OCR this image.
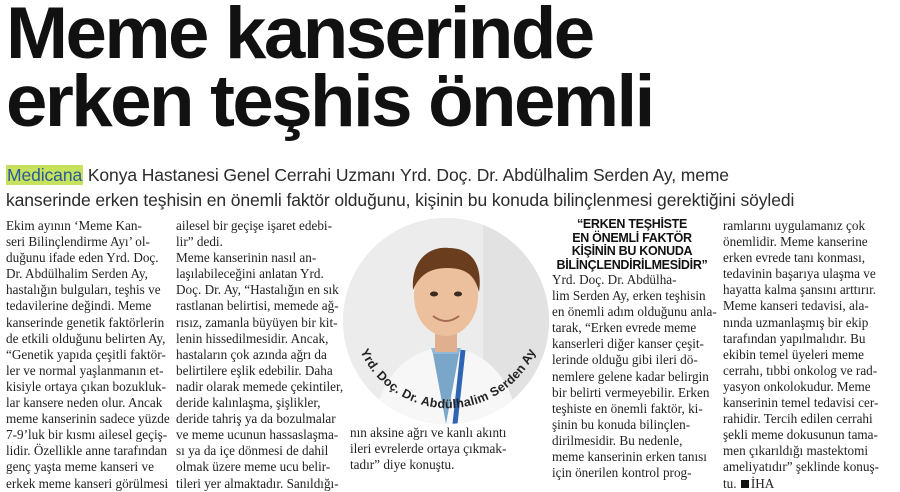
Meme kanserinde
erken teşhis önemli
Medicana Konya Hastanesi Genel Cerrahi Uzmanı Yrd. Doç. Dr. Abdülhalim Serden Ay, meme
kanserinde erken teşhisin en önemli faktör olduğunu, kişinin bu konuda bilinçlenmesi gerektiğini söyledi
Ekim ayının ‘Meme Kan-
seri Bilinçlendirme Ayı’ ol-
duğunu ifade eden Yrd. Doç.
Dr. Abdülhalim Serden Ay,
hastalığın bulguları, teşhis ve
tedavilerine değindi. Meme
kanserinde genetik faktörlerin
de etkili olduğunu belirten Ay,
“Genetik yapıda çeşitli faktör-
ler ve normal yaşlanmanın et-
kisiyle ortaya çıkan bozukluk-
lar kansere neden olur. Ancak
meme kanserinin sadece yüzde
7-9’luk bir kısmı ailesel geçiş-
lidir. Özellikle anne tarafından
genç yaşta meme kanseri ve
erkek meme kanseri görülmesi
ailesel bir geçişe işaret edebi-
lir” dedi.
Meme kanserinin nasıl an-
laşılabileceğini anlatan Yrd.
Doç. Dr. Ay, “Hastalığın en sık
rastlanan belirtisi, memede ağ-
rısız, zamanla büyüyen bir kit-
lenin hissedilmesidir. Ancak,
hastaların çok azında ağrı da
belirtilere eşlik edebilir. Daha
nadir olarak memede çekintiler,
deride kalınlaşma, şişlikler,
deride tahriş ya da bozulmalar
ve meme ucunun hassaslaşma-
sı ya da içe dönmesi de dahil
olmak üzere meme ucu belir-
tileri yer almaktadır. Sanıldığı-
nın aksine ağrı ve kanlı akıntı
ileri evrelerde ortaya çıkmak-
tadır” diye konuştu.
“ERKEN TEŞHİSTE
EN ÖNEMLİ FAKTÖR
KİŞİNİN BU KONUDA
BİLİNÇLENDİRİLMESİDİR”
Yrd. Doç. Dr. Abdülha-
lim Serden Ay, erken teşhisin
en önemli adım olduğunu anla-
tarak, “Erken evrede meme
kanserleri diğer kanser çeşit-
lerinde olduğu gibi ileri dö-
nemlere gelene kadar belirgin
bir belirti vermeyebilir. Erken
teşhiste en önemli faktör, ki-
şinin bu konuda bilinçlen-
dirilmesidir. Bu nedenle,
meme kanserinin erken tanısı
için önerilen kontrol prog-
ramlarını uygulamanız çok
önemlidir. Meme kanserine
erken evrede tanı konması,
tedavinin başarıya ulaşma ve
hayatta kalma şansını arttırır.
Meme kanseri tedavisi, ala-
nında uzmanlaşmış bir ekip
tarafından yapılmalıdır. Bu
ekibin temel üyeleri meme
cerrahı, tıbbi onkolog ve rad-
yasyon onkolokudur. Meme
kanserinin temel tedavisi cer-
rahidir. Tercih edilen cerrahi
şekli meme dokusunun tama-
men çıkarıldığı mastektomi
ameliyatıdır” şeklinde konuş-
tu. İHA
Yrd. Doç. Dr. Abdülhalim Serden Ay
